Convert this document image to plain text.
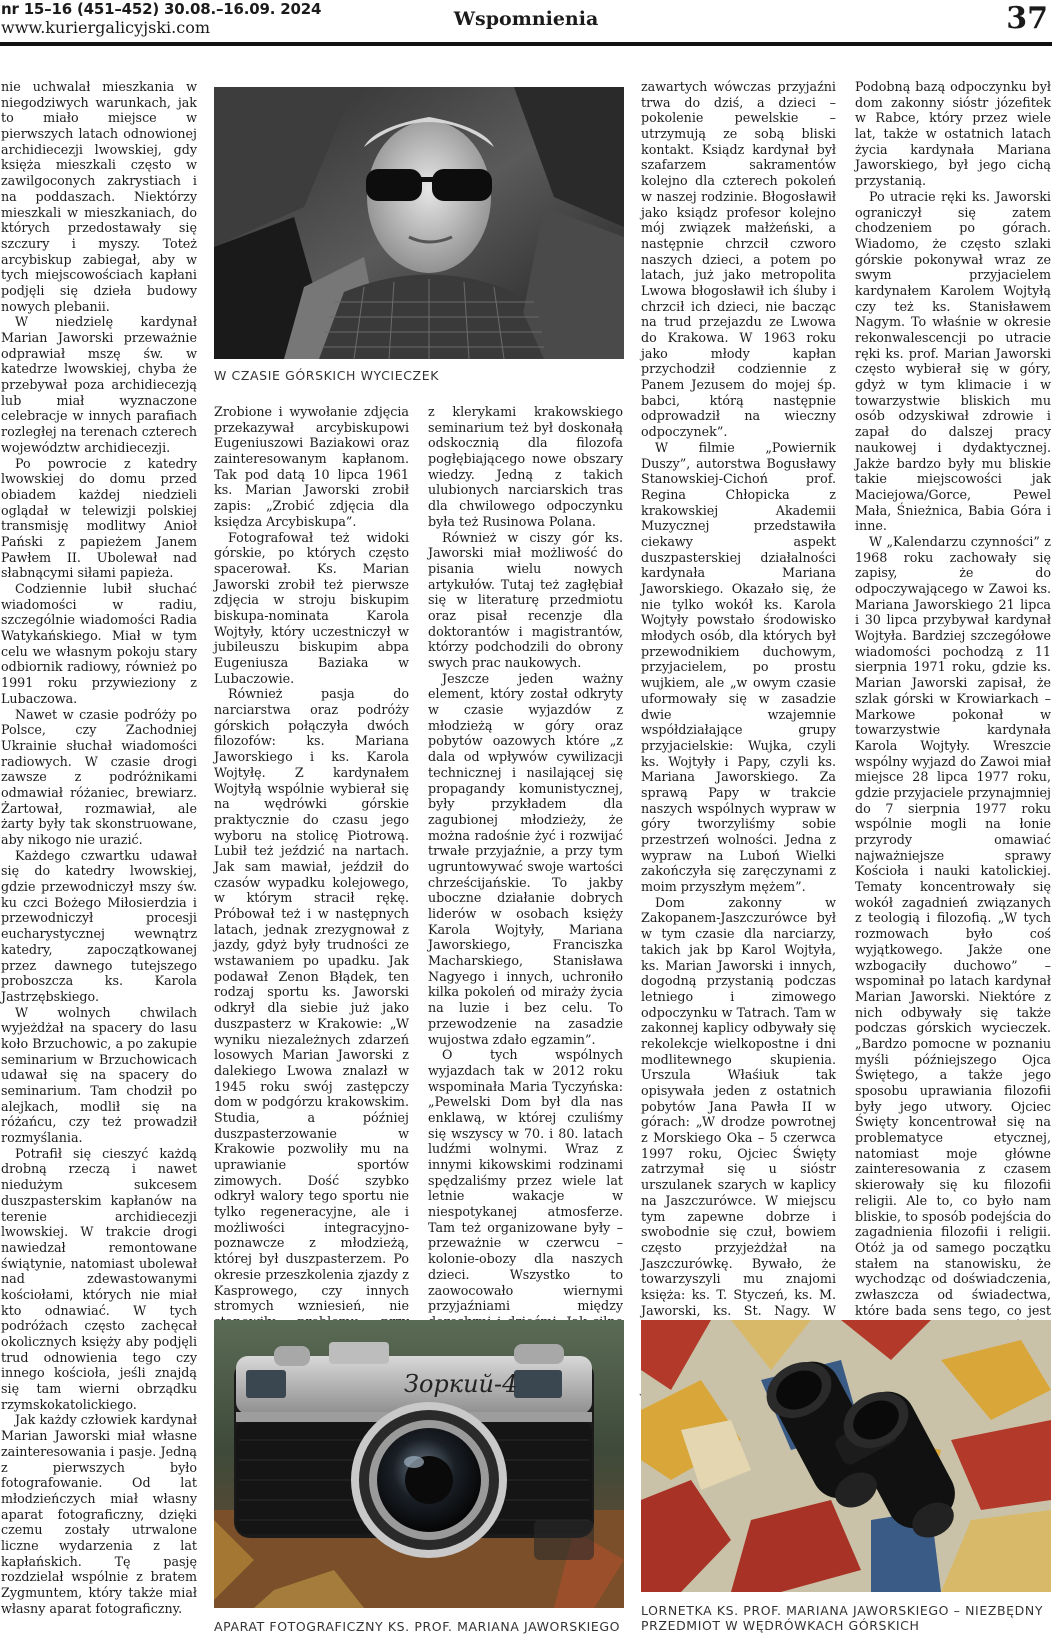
nr 15–16 (451–452) 30.08.–16.09. 2024
www.kuriergalicyjski.com	Wspomnienia	37

nie uchwalał mieszkania w niegodziwych warunkach, jak to miało miejsce w pierwszych latach odnowionej archidiecezji lwowskiej, gdy księża mieszkali często w zawilgoconych zakrystiach i na poddaszach. Niektórzy mieszkali w mieszkaniach, do których przedostawały się szczury i myszy. Toteż arcybiskup zabiegał, aby w tych miejscowościach kapłani podjęli się dzieła budowy nowych plebanii.

W niedzielę kardynał Marian Jaworski przeważnie odprawiał mszę św. w katedrze lwowskiej, chyba że przebywał poza archidiecezją lub miał wyznaczone celebracje w innych parafiach rozległej na terenach czterech województw archidiecezji.

Po powrocie z katedry lwowskiej do domu przed obiadem każdej niedzieli oglądał w telewizji polskiej transmisję modlitwy Anioł Pański z papieżem Janem Pawłem II. Ubolewał nad słabnącymi siłami papieża.

Codziennie lubił słuchać wiadomości w radiu, szczególnie wiadomości Radia Watykańskiego. Miał w tym celu we własnym pokoju stary odbiornik radiowy, również po 1991 roku przywieziony z Lubaczowa.

Nawet w czasie podróży po Polsce, czy Zachodniej Ukrainie słuchał wiadomości radiowych. W czasie drogi zawsze z podróżnikami odmawiał różaniec, brewiarz. Żartował, rozmawiał, ale żarty były tak skonstruowane, aby nikogo nie urazić.

Każdego czwartku udawał się do katedry lwowskiej, gdzie przewodniczył mszy św. ku czci Bożego Miłosierdzia i przewodniczył procesji eucharystycznej wewnątrz katedry, zapoczątkowanej przez dawnego tutejszego proboszcza ks. Karola Jastrzębskiego.

W wolnych chwilach wyjeżdżał na spacery do lasu koło Brzuchowic, a po zakupie seminarium w Brzuchowicach udawał się na spacery do seminarium. Tam chodził po alejkach, modlił się na różańcu, czy też prowadził rozmyślania.

Potrafił się cieszyć każdą drobną rzeczą i nawet niedużym sukcesem duszpasterskim kapłanów na terenie archidiecezji lwowskiej. W trakcie drogi nawiedzał remontowane świątynie, natomiast ubolewał nad zdewastowanymi kościołami, których nie miał kto odnawiać. W tych podróżach często zachęcał okolicznych księży aby podjęli trud odnowienia tego czy innego kościoła, jeśli znajdą się tam wierni obrządku rzymskokatolickiego.

Jak każdy człowiek kardynał Marian Jaworski miał własne zainteresowania i pasje. Jedną z pierwszych było fotografowanie. Od lat młodzieńczych miał własny aparat fotograficzny, dzięki czemu zostały utrwalone liczne wydarzenia z lat kapłańskich. Tę pasję rozdzielał wspólnie z bratem Zygmuntem, który także miał własny aparat fotograficzny.

W CZASIE GÓRSKICH WYCIECZEK

Zrobione i wywołanie zdjęcia przekazywał arcybiskupowi Eugeniuszowi Baziakowi oraz zainteresowanym kapłanom. Tak pod datą 10 lipca 1961 ks. Marian Jaworski zrobił zapis: „Zrobić zdjęcia dla księdza Arcybiskupa”.

Fotografował też widoki górskie, po których często spacerował. Ks. Marian Jaworski zrobił też pierwsze zdjęcia w stroju biskupim biskupa-nominata Karola Wojtyły, który uczestniczył w jubileuszu biskupim abpa Eugeniusza Baziaka w Lubaczowie.

Również pasja do narciarstwa oraz podróży górskich połączyła dwóch filozofów: ks. Mariana Jaworskiego i ks. Karola Wojtyłę. Z kardynałem Wojtyłą wspólnie wybierał się na wędrówki górskie praktycznie do czasu jego wyboru na stolicę Piotrową. Lubił też jeździć na nartach. Jak sam mawiał, jeździł do czasów wypadku kolejowego, w którym stracił rękę. Próbował też i w następnych latach, jednak zrezygnował z jazdy, gdyż były trudności ze wstawaniem po upadku. Jak podawał Zenon Błądek, ten rodzaj sportu ks. Jaworski odkrył dla siebie już jako duszpasterz w Krakowie: „W wyniku niezależnych zdarzeń losowych Marian Jaworski z dalekiego Lwowa znalazł w 1945 roku swój zastępczy dom w podgórzu krakowskim. Studia, a później duszpasterzowanie w Krakowie pozwoliły mu na uprawianie sportów zimowych. Dość szybko odkrył walory tego sportu nie tylko regeneracyjne, ale i możliwości integracyjno-poznawcze z młodzieżą, której był duszpasterzem. Po okresie przeszkolenia zjazdy z Kasprowego, czy innych stromych wzniesień, nie

z klerykami krakowskiego seminarium też był doskonałą odskocznią dla filozofa pogłębiającego nowe obszary wiedzy. Jedną z takich ulubionych narciarskich tras dla chwilowego odpoczynku była też Rusinowa Polana.

Również w ciszy gór ks. Jaworski miał możliwość do pisania wielu nowych artykułów. Tutaj też zagłębiał się w literaturę przedmiotu oraz pisał recenzje dla doktorantów i magistrantów, którzy podchodzili do obrony swych prac naukowych.

Jeszcze jeden ważny element, który został odkryty w czasie wyjazdów z młodzieżą w góry oraz pobytów oazowych które „z dala od wpływów cywilizacji technicznej i nasilającej się propagandy komunistycznej, były przykładem dla zagubionej młodzieży, że można radośnie żyć i rozwijać trwałe przyjaźnie, a przy tym ugruntowywać swoje wartości chrześcijańskie. To jakby uboczne działanie dobrych liderów w osobach księży Karola Wojtyły, Mariana Jaworskiego, Franciszka Macharskiego, Stanisława Nagyego i innych, uchroniło kilka pokoleń od miraży życia na luzie i bez celu. To przewodzenie na zasadzie wujostwa zdało egzamin”.

O tych wspólnych wyjazdach tak w 2012 roku wspominała Maria Tyczyńska: „Pewelski Dom był dla nas enklawą, w której czuliśmy się wszyscy w 70. i 80. latach ludźmi wolnymi. Wraz z innymi kikowskimi rodzinami spędzaliśmy przez wiele lat letnie wakacje w niespotykanej atmosferze. Tam też organizowane były – przeważnie w czerwcu – kolonie-obozy dla naszych dzieci. Wszystko to zaowocowało wiernymi przyjaźniami między

zawartych wówczas przyjaźni trwa do dziś, a dzieci – pokolenie pewelskie – utrzymują ze sobą bliski kontakt. Ksiądz kardynał był szafarzem sakramentów kolejno dla czterech pokoleń w naszej rodzinie. Błogosławił jako ksiądz profesor kolejno mój związek małżeński, a następnie chrzcił czworo naszych dzieci, a potem po latach, już jako metropolita Lwowa błogosławił ich śluby i chrzcił ich dzieci, nie bacząc na trud przejazdu ze Lwowa do Krakowa. W 1963 roku jako młody kapłan przychodził codziennie z Panem Jezusem do mojej śp. babci, którą następnie odprowadził na wieczny odpoczynek”.

W filmie „Powiernik Duszy”, autorstwa Bogusławy Stanowskiej-Cichoń prof. Regina Chłopicka z krakowskiej Akademii Muzycznej przedstawiła ciekawy aspekt duszpasterskiej działalności kardynała Mariana Jaworskiego. Okazało się, że nie tylko wokół ks. Karola Wojtyły powstało środowisko młodych osób, dla których był przewodnikiem duchowym, przyjacielem, po prostu wujkiem, ale „w owym czasie uformowały się w zasadzie dwie wzajemnie współdziałające grupy przyjacielskie: Wujka, czyli ks. Wojtyły i Papy, czyli ks. Mariana Jaworskiego. Za sprawą Papy w trakcie naszych wspólnych wypraw w góry tworzyliśmy sobie przestrzeń wolności. Jedna z wypraw na Luboń Wielki zakończyła się zaręczynami z moim przyszłym mężem”.

Dom zakonny w Zakopanem-Jaszczurówce był w tym czasie dla narciarzy, takich jak bp Karol Wojtyła, ks. Marian Jaworski i innych, dogodną przystanią podczas letniego i zimowego odpoczynku w Tatrach. Tam w zakonnej kaplicy odbywały się rekolekcje wielkopostne i dni modlitewnego skupienia. Urszula Właśiuk tak opisywała jeden z ostatnich pobytów Jana Pawła II w górach: „W drodze powrotnej z Morskiego Oka – 5 czerwca 1997 roku, Ojciec Święty zatrzymał się u sióstr urszulanek szarych w kaplicy na Jaszczurówce. W miejscu tym zapewne dobrze i swobodnie się czuł, bowiem często przyjeżdżał na Jaszczurówkę. Bywało, że towarzyszyli mu znajomi księża: ks. T. Styczeń, ks. M. Jaworski, ks. St. Nagy. W

Podobną bazą odpoczynku był dom zakonny sióstr józefitek w Rabce, który przez wiele lat, także w ostatnich latach życia kardynała Mariana Jaworskiego, był jego cichą przystanią.

Po utracie ręki ks. Jaworski ograniczył się zatem chodzeniem po górach. Wiadomo, że często szlaki górskie pokonywał wraz ze swym przyjacielem kardynałem Karolem Wojtyłą czy też ks. Stanisławem Nagym. To właśnie w okresie rekonwalescencji po utracie ręki ks. prof. Marian Jaworski często wybierał się w góry, gdyż w tym klimacie i w towarzystwie bliskich mu osób odzyskiwał zdrowie i zapał do dalszej pracy naukowej i dydaktycznej. Jakże bardzo były mu bliskie takie miejscowości jak Maciejowa/Gorce, Pewel Mała, Śnieżnica, Babia Góra i inne.

W „Kalendarzu czynności” z 1968 roku zachowały się zapisy, że do odpoczywającego w Zawoi ks. Mariana Jaworskiego 21 lipca i 30 lipca przybywał kardynał Wojtyła. Bardziej szczegółowe wiadomości pochodzą z 11 sierpnia 1971 roku, gdzie ks. Marian Jaworski zapisał, że szlak górski w Krowiarkach – Markowe pokonał w towarzystwie kardynała Karola Wojtyły. Wreszcie wspólny wyjazd do Zawoi miał miejsce 28 lipca 1977 roku, gdzie przyjaciele przynajmniej do 7 sierpnia 1977 roku wspólnie mogli na łonie przyrody omawiać najważniejsze sprawy Kościoła i nauki katolickiej. Tematy koncentrowały się wokół zagadnień związanych z teologią i filozofią. „W tych rozmowach było coś wyjątkowego. Jakże one wzbogaciły duchowo” – wspominał po latach kardynał Marian Jaworski. Niektóre z nich odbywały się także podczas górskich wycieczek. „Bardzo pomocne w poznaniu myśli późniejszego Ojca Świętego, a także jego sposobu uprawiania filozofii były jego utwory. Ojciec Święty koncentrował się na problematyce etycznej, natomiast moje główne zainteresowania z czasem skierowały się ku filozofii religii. Ale to, co było nam bliskie, to sposób podejścia do zagadnienia filozofii i religii. Otóż ja od samego początku stałem na stanowisku, że wychodząc od doświadczenia, zwłaszcza od świadectwa, które bada sens tego, co jest

Зоркий-4
APARAT FOTOGRAFICZNY KS. PROF. MARIANA JAWORSKIEGO
LORNETKA KS. PROF. MARIANA JAWORSKIEGO – NIEZBĘDNY PRZEDMIOT W WĘDRÓWKACH GÓRSKICH
